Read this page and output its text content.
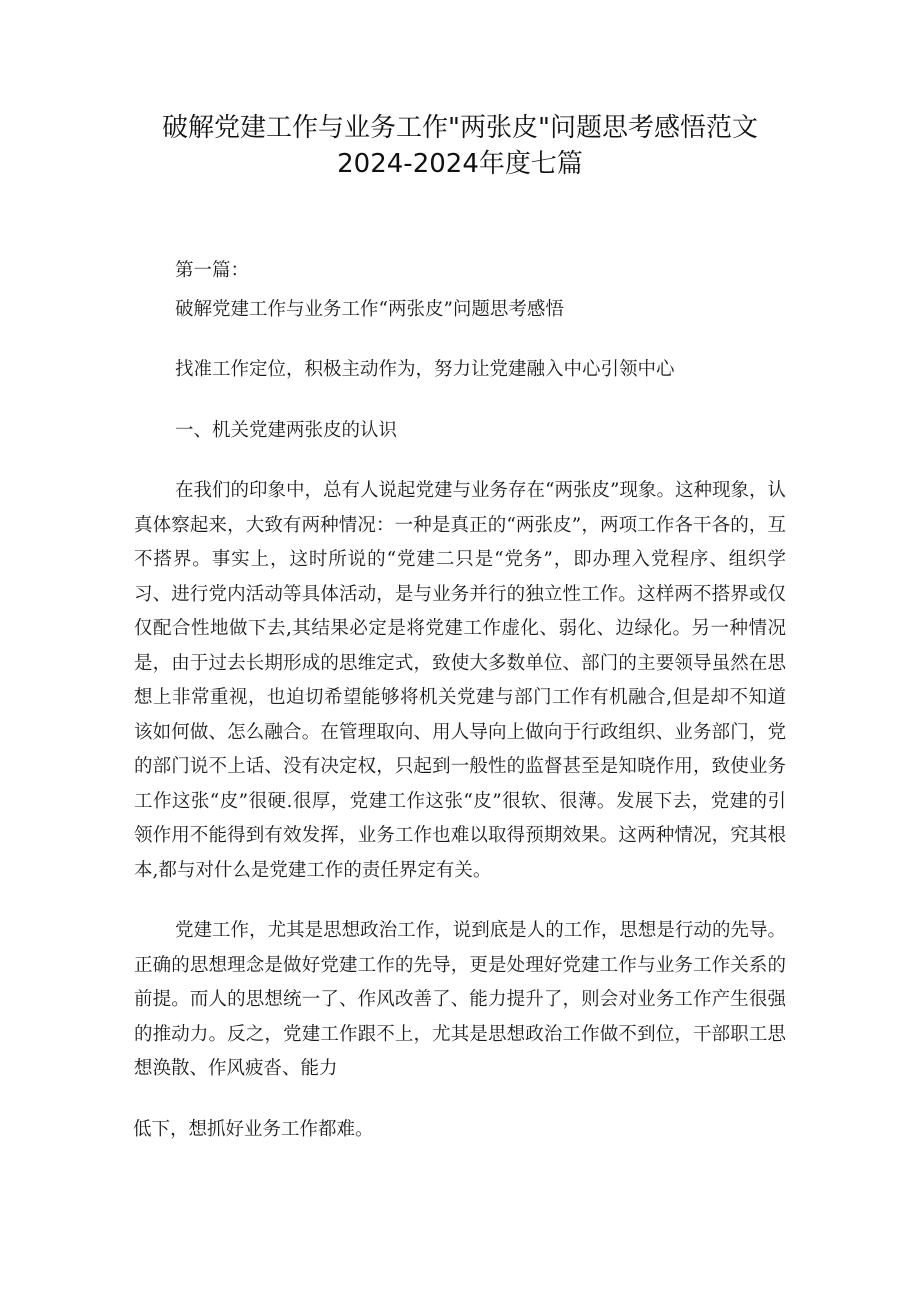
破解党建工作与业务工作"两张皮"问题思考感悟范文
2024-2024年度七篇

第一篇：

破解党建工作与业务工作“两张皮”问题思考感悟

找准工作定位，积极主动作为，努力让党建融入中心引领中心

一、机关党建两张皮的认识

在我们的印象中，总有人说起党建与业务存在“两张皮”现象。这种现象，认真体察起来，大致有两种情况：一种是真正的“两张皮”，两项工作各干各的，互不搭界。事实上，这时所说的“党建二只是“党务”，即办理入党程序、组织学习、进行党内活动等具体活动，是与业务并行的独立性工作。这样两不搭界或仅仅配合性地做下去,其结果必定是将党建工作虚化、弱化、边绿化。另一种情况是，由于过去长期形成的思维定式，致使大多数单位、部门的主要领导虽然在思想上非常重视，也迫切希望能够将机关党建与部门工作有机融合,但是却不知道该如何做、怎么融合。在管理取向、用人导向上做向于行政组织、业务部门，党的部门说不上话、没有决定权，只起到一般性的监督甚至是知晓作用，致使业务工作这张“皮”很硬.很厚，党建工作这张“皮”很软、很薄。发展下去，党建的引领作用不能得到有效发挥，业务工作也难以取得预期效果。这两种情况，究其根本,都与对什么是党建工作的责任界定有关。

党建工作，尤其是思想政治工作，说到底是人的工作，思想是行动的先导。正确的思想理念是做好党建工作的先导，更是处理好党建工作与业务工作关系的前提。而人的思想统一了、作风改善了、能力提升了，则会对业务工作产生很强的推动力。反之，党建工作跟不上，尤其是思想政治工作做不到位，干部职工思想涣散、作风疲沓、能力

低下，想抓好业务工作都难。
